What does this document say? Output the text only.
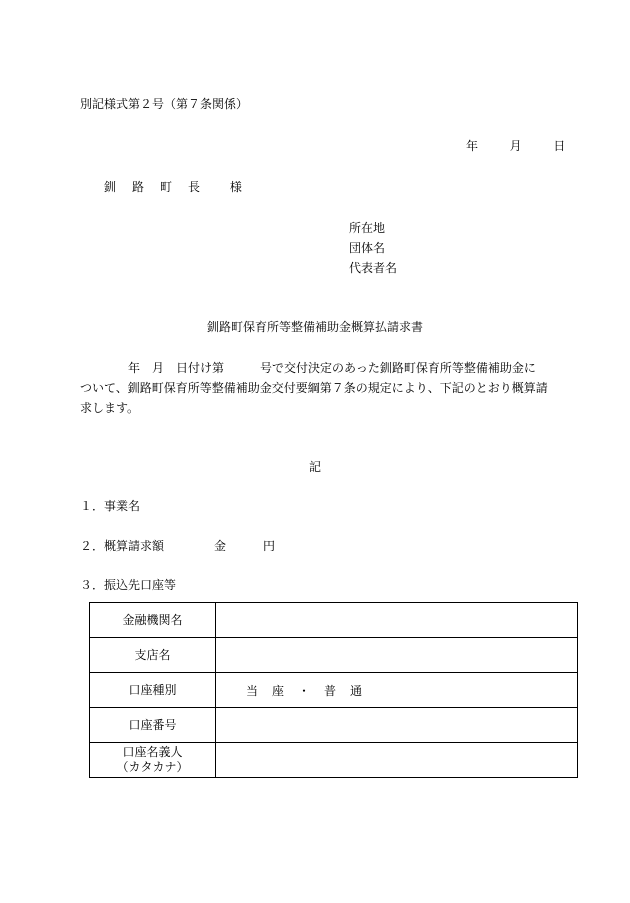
別記様式第２号（第７条関係）
年	月	日
釧　路　町　長 様
所在地
団体名
代表者名
釧路町保育所等整備補助金概算払請求書

　　　　年　月　日付け第　　　号で交付決定のあった釧路町保育所等整備補助金に

ついて、釧路町保育所等整備補助金交付要綱第７条の規定により、下記のとおり概算請

求します。

記
１．事業名
２．概算請求額	金	円
３．振込先口座等
金融機関名	
支店名	
口座種別	当　座　・　普　通
口座番号	

口座名義人
（カタカナ）	
